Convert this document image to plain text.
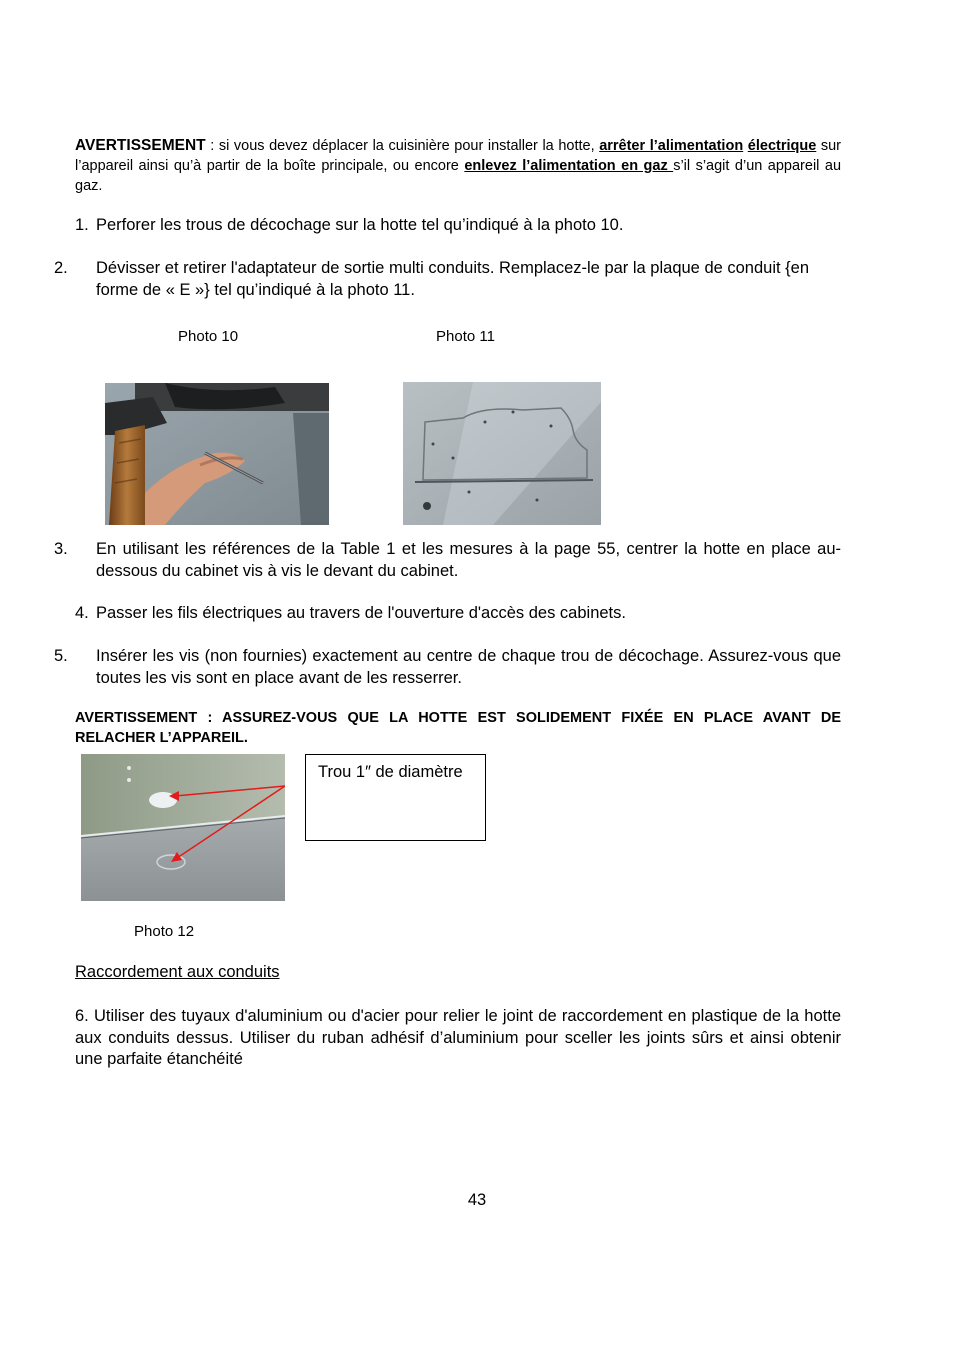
AVERTISSEMENT : si vous devez déplacer la cuisinière pour installer la hotte, arrêter l’alimentation électrique sur l’appareil ainsi qu’à partir de la boîte principale, ou encore enlevez l’alimentation en gaz s’il s’agit d’un appareil au gaz.
1. Perforer les trous de décochage sur la hotte tel qu’indiqué à la photo 10.
2. Dévisser et retirer l'adaptateur de sortie multi conduits. Remplacez-le par la plaque de conduit {en forme de « E »} tel qu’indiqué à la photo 11.
Photo 10	Photo 11
3. En utilisant les références de la Table 1 et les mesures à la page 55, centrer la hotte en place au-dessous du cabinet vis à vis le devant du cabinet.
4. Passer les fils électriques au travers de l'ouverture d'accès des cabinets.
5. Insérer les vis (non fournies) exactement au centre de chaque trou de décochage. Assurez-vous que toutes les vis sont en place avant de les resserrer.
AVERTISSEMENT : ASSUREZ-VOUS QUE LA HOTTE EST SOLIDEMENT FIXÉE EN PLACE AVANT DE RELACHER L’APPAREIL.
Trou 1″ de diamètre
Photo 12
Raccordement aux conduits
6. Utiliser des tuyaux d'aluminium ou d'acier pour relier le joint de raccordement en plastique de la hotte aux conduits dessus. Utiliser du ruban adhésif d’aluminium pour sceller les joints sûrs et ainsi obtenir une parfaite étanchéité
43
